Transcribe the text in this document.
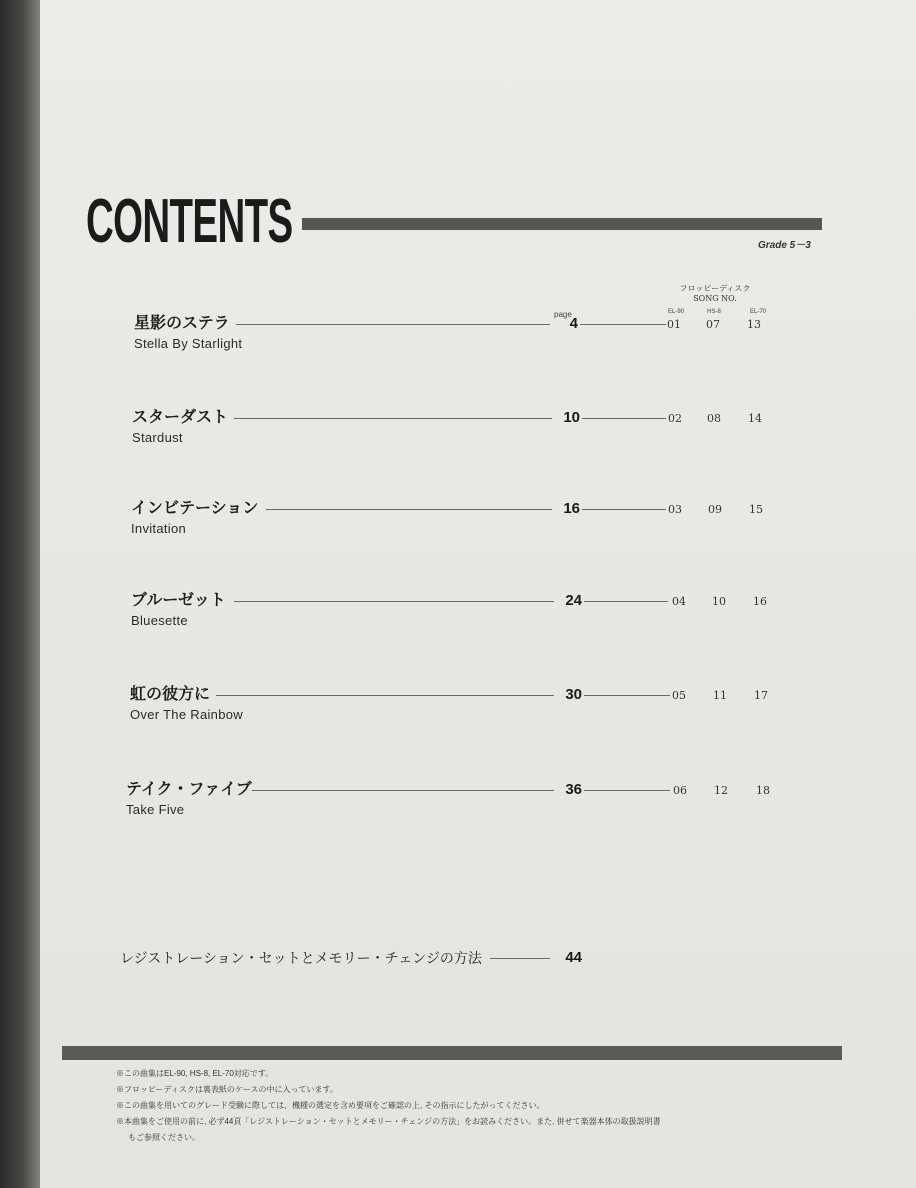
CONTENTS	Grade 5－3
フロッピーディスク
SONG NO.
page	EL-90	HS-8	EL-70
星影のステラ
Stella By Starlight
4	01	07	13
スターダスト
Stardust
10	02	08	14
インビテーション
Invitation
16	03	09	15
ブルーゼット
Bluesette
24	04	10	16
虹の彼方に
Over The Rainbow
30	05	11	17
テイク・ファイブ
Take Five
36	06	12	18
レジストレーション・セットとメモリー・チェンジの方法	44
※この曲集はEL-90, HS-8, EL-70対応です。
※フロッピーディスクは裏表紙のケースの中に入っています。
※この曲集を用いてのグレード受験に際しては、機種の選定を含め要項をご確認の上, その指示にしたがってください。
※本曲集をご使用の前に, 必ず44頁「レジストレーション・セットとメモリー・チェンジの方法」をお読みください。また, 併せて楽器本体の取扱説明書
もご参照ください。
